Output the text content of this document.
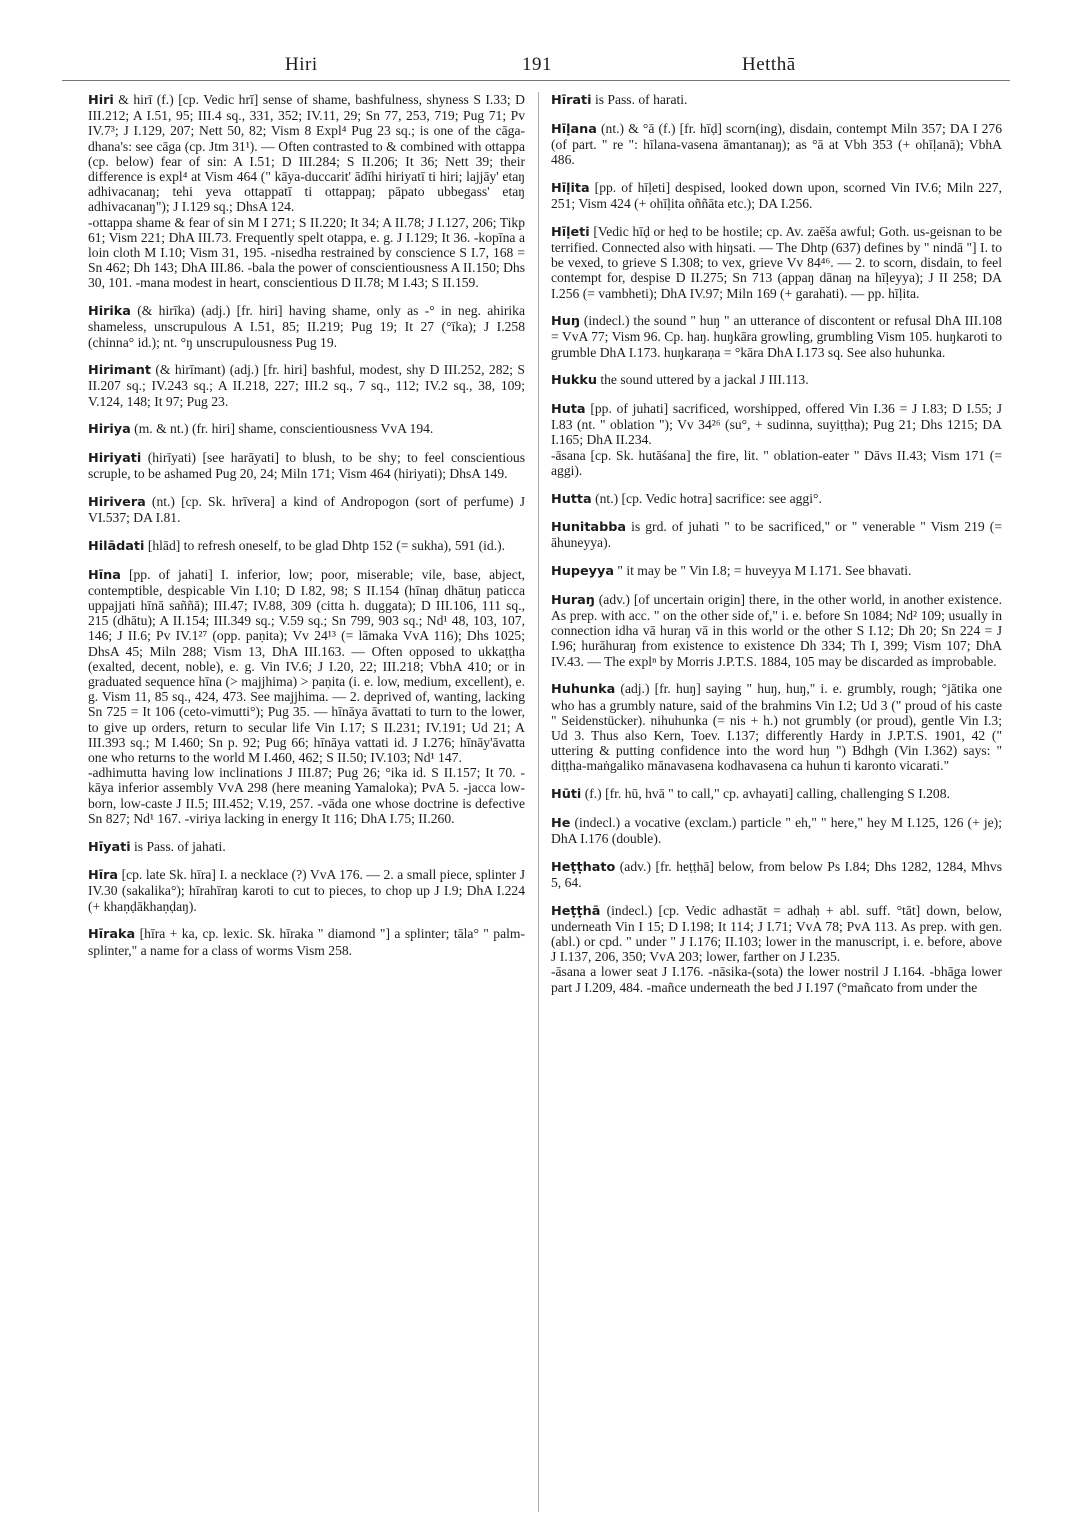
Hiri	191	Hetthā

Hiri & hirī (f.) [cp. Vedic hrī] sense of shame, bashfulness, shyness S I.33; D III.212; A I.51, 95; III.4 sq., 331, 352; IV.11, 29; Sn 77, 253, 719; Pug 71; Pv IV.7³; J I.129, 207; Nett 50, 82; Vism 8 Expl⁴ Pug 23 sq.; is one of the cāga-dhana's: see cāga (cp. Jtm 31¹). — Often contrasted to & combined with ottappa (cp. below) fear of sin: A I.51; D III.284; S II.206; It 36; Nett 39; their difference is expl⁴ at Vism 464 (" kāya-duccarit' ādīhi hiriyatī ti hiri; lajjāy' etaŋ adhivacanaŋ; tehi yeva ottappatī ti ottappaŋ; pāpato ubbegass' etaŋ adhivacanaŋ"); J I.129 sq.; DhsA 124.
-ottappa shame & fear of sin M I 271; S II.220; It 34; A II.78; J I.127, 206; Tikp 61; Vism 221; DhA III.73. Frequently spelt otappa, e. g. J I.129; It 36. -kopīna a loin cloth M I.10; Vism 31, 195. -nisedha restrained by conscience S I.7, 168 = Sn 462; Dh 143; DhA III.86. -bala the power of conscientiousness A II.150; Dhs 30, 101. -mana modest in heart, conscientious D II.78; M I.43; S II.159.

Hirika (& hirīka) (adj.) [fr. hiri] having shame, only as -° in neg. ahirika shameless, unscrupulous A I.51, 85; II.219; Pug 19; It 27 (°īka); J I.258 (chinna° id.); nt. °ŋ unscrupulousness Pug 19.

Hirimant (& hirīmant) (adj.) [fr. hiri] bashful, modest, shy D III.252, 282; S II.207 sq.; IV.243 sq.; A II.218, 227; III.2 sq., 7 sq., 112; IV.2 sq., 38, 109; V.124, 148; It 97; Pug 23.

Hiriya (m. & nt.) (fr. hiri] shame, conscientiousness VvA 194.

Hiriyati (hirīyati) [see harāyati] to blush, to be shy; to feel conscientious scruple, to be ashamed Pug 20, 24; Miln 171; Vism 464 (hiriyati); DhsA 149.

Hirivera (nt.) [cp. Sk. hrīvera] a kind of Andropogon (sort of perfume) J VI.537; DA I.81.

Hilādati [hlād] to refresh oneself, to be glad Dhtp 152 (= sukha), 591 (id.).

Hīna [pp. of jahati] I. inferior, low; poor, miserable; vile, base, abject, contemptible, despicable Vin I.10; D I.82, 98; S II.154 (hīnaŋ dhātuŋ paticca uppajjati hīnā saññā); III.47; IV.88, 309 (citta h. duggata); D III.106, 111 sq., 215 (dhātu); A II.154; III.349 sq.; V.59 sq.; Sn 799, 903 sq.; Nd¹ 48, 103, 107, 146; J II.6; Pv IV.1²⁷ (opp. paṇita); Vv 24¹³ (= lāmaka VvA 116); Dhs 1025; DhsA 45; Miln 288; Vism 13, DhA III.163. — Often opposed to ukkaṭṭha (exalted, decent, noble), e. g. Vin IV.6; J I.20, 22; III.218; VbhA 410; or in graduated sequence hīna (> majjhima) > paṇita (i. e. low, medium, excellent), e. g. Vism 11, 85 sq., 424, 473. See majjhima. — 2. deprived of, wanting, lacking Sn 725 = It 106 (ceto-vimutti°); Pug 35. — hīnāya āvattati to turn to the lower, to give up orders, return to secular life Vin I.17; S II.231; IV.191; Ud 21; A III.393 sq.; M I.460; Sn p. 92; Pug 66; hīnāya vattati id. J I.276; hīnāy'āvatta one who returns to the world M I.460, 462; S II.50; IV.103; Nd¹ 147.
-adhimutta having low inclinations J III.87; Pug 26; °ika id. S II.157; It 70. -kāya inferior assembly VvA 298 (here meaning Yamaloka); PvA 5. -jacca low-born, low-caste J II.5; III.452; V.19, 257. -vāda one whose doctrine is defective Sn 827; Nd¹ 167. -viriya lacking in energy It 116; DhA I.75; II.260.

Hīyati is Pass. of jahati.

Hīra [cp. late Sk. hīra] I. a necklace (?) VvA 176. — 2. a small piece, splinter J IV.30 (sakalika°); hīrahīraŋ karoti to cut to pieces, to chop up J I.9; DhA I.224 (+ khaṇḍākhaṇḍaŋ).

Hīraka [hīra + ka, cp. lexic. Sk. hīraka " diamond "] a splinter; tāla° " palm-splinter," a name for a class of worms Vism 258.

Hīrati is Pass. of harati.

Hīḷana (nt.) & °ā (f.) [fr. hīḍ] scorn(ing), disdain, contempt Miln 357; DA I 276 (of part. " re ": hīlana-vasena āmantanaŋ); as °ā at Vbh 353 (+ ohīḷanā); VbhA 486.

Hīḷita [pp. of hīḷeti] despised, looked down upon, scorned Vin IV.6; Miln 227, 251; Vism 424 (+ ohīḷita oññāta etc.); DA I.256.

Hīḷeti [Vedic hīḍ or heḍ to be hostile; cp. Av. zaēša awful; Goth. us-geisnan to be terrified. Connected also with hiŋsati. — The Dhtp (637) defines by " nindā "] I. to be vexed, to grieve S I.308; to vex, grieve Vv 84⁴⁶. — 2. to scorn, disdain, to feel contempt for, despise D II.275; Sn 713 (appaŋ dānaŋ na hīḷeyya); J II 258; DA I.256 (= vambheti); DhA IV.97; Miln 169 (+ garahati). — pp. hīḷita.

Huŋ (indecl.) the sound " huŋ " an utterance of discontent or refusal DhA III.108 = VvA 77; Vism 96. Cp. haŋ. huŋkāra growling, grumbling Vism 105. huŋkaroti to grumble DhA I.173. huŋkaraṇa = °kāra DhA I.173 sq. See also huhunka.

Hukku the sound uttered by a jackal J III.113.

Huta [pp. of juhati] sacrificed, worshipped, offered Vin I.36 = J I.83; D I.55; J I.83 (nt. " oblation "); Vv 34²⁶ (su°, + sudinna, suyiṭṭha); Pug 21; Dhs 1215; DA I.165; DhA II.234.
-āsana [cp. Sk. hutāśana] the fire, lit. " oblation-eater " Dāvs II.43; Vism 171 (= aggi).

Hutta (nt.) [cp. Vedic hotra] sacrifice: see aggi°.

Hunitabba is grd. of juhati " to be sacrificed," or " venerable " Vism 219 (= āhuneyya).

Hupeyya " it may be " Vin I.8; = huveyya M I.171. See bhavati.

Huraŋ (adv.) [of uncertain origin] there, in the other world, in another existence. As prep. with acc. " on the other side of," i. e. before Sn 1084; Nd² 109; usually in connection idha vā huraŋ vā in this world or the other S I.12; Dh 20; Sn 224 = J I.96; hurāhuraŋ from existence to existence Dh 334; Th I, 399; Vism 107; DhA IV.43. — The explⁿ by Morris J.P.T.S. 1884, 105 may be discarded as improbable.

Huhunka (adj.) [fr. huŋ] saying " huŋ, huŋ," i. e. grumbly, rough; °jātika one who has a grumbly nature, said of the brahmins Vin I.2; Ud 3 (" proud of his caste " Seidenstücker). nihuhunka (= nis + h.) not grumbly (or proud), gentle Vin I.3; Ud 3. Thus also Kern, Toev. I.137; differently Hardy in J.P.T.S. 1901, 42 (" uttering & putting confidence into the word huŋ ") Bdhgh (Vin I.362) says: " diṭṭha-maṅgaliko mānavasena kodhavasena ca huhun ti karonto vicarati."

Hūti (f.) [fr. hū, hvā " to call," cp. avhayati] calling, challenging S I.208.

He (indecl.) a vocative (exclam.) particle " eh," " here," hey M I.125, 126 (+ je); DhA I.176 (double).

Heṭṭhato (adv.) [fr. heṭṭhā] below, from below Ps I.84; Dhs 1282, 1284, Mhvs 5, 64.

Heṭṭhā (indecl.) [cp. Vedic adhastāt = adhaḥ + abl. suff. °tāt] down, below, underneath Vin I 15; D I.198; It 114; J I.71; VvA 78; PvA 113. As prep. with gen. (abl.) or cpd. " under " J I.176; II.103; lower in the manuscript, i. e. before, above J I.137, 206, 350; VvA 203; lower, farther on J I.235.
-āsana a lower seat J I.176. -nāsika-(sota) the lower nostril J I.164. -bhāga lower part J I.209, 484. -mañce underneath the bed J I.197 (°mañcato from under the
